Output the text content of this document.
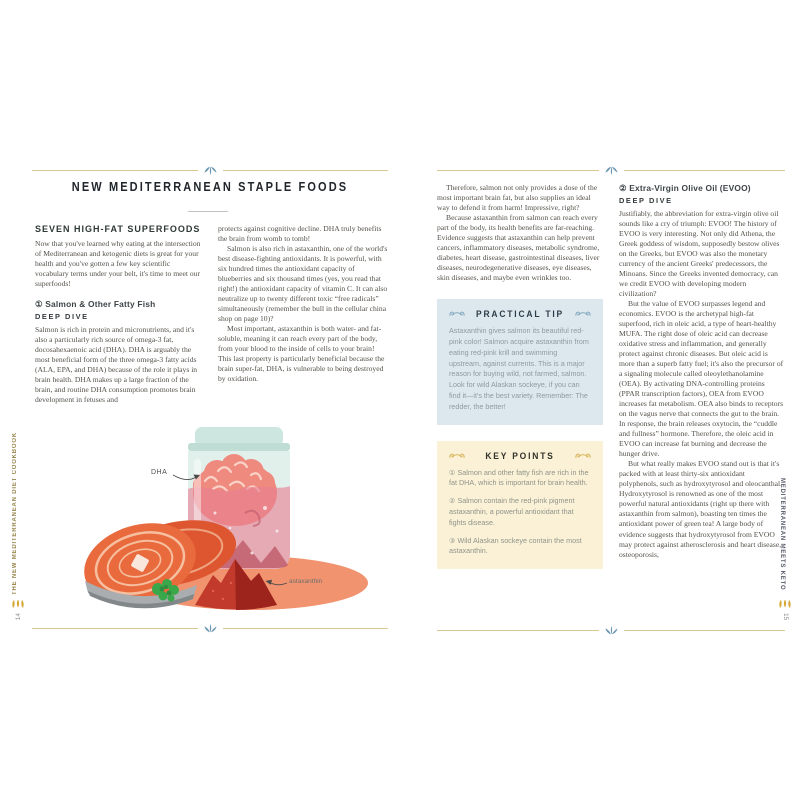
NEW MEDITERRANEAN STAPLE FOODS
SEVEN HIGH-FAT SUPERFOODS

Now that you've learned why eating at the intersection of Mediterranean and ketogenic diets is great for your health and you've gotten a few key scientific vocabulary terms under your belt, it's time to meet our superfoods!

① Salmon & Other Fatty Fish
DEEP DIVE

Salmon is rich in protein and micronutrients, and it's also a particularly rich source of omega-3 fat, docosahexaenoic acid (DHA). DHA is arguably the most beneficial form of the three omega-3 fatty acids (ALA, EPA, and DHA) because of the role it plays in brain health. DHA makes up a large fraction of the brain, and routine DHA consumption promotes brain development in fetuses and

protects against cognitive decline. DHA truly benefits the brain from womb to tomb!

Salmon is also rich in astaxanthin, one of the world's best disease-fighting antioxidants. It is powerful, with six hundred times the antioxidant capacity of blueberries and six thousand times (yes, you read that right!) the antioxidant capacity of vitamin C. It can also neutralize up to twenty different toxic “free radicals” simultaneously (remember the bull in the cellular china shop on page 10)?

Most important, astaxanthin is both water- and fat-soluble, meaning it can reach every part of the body, from your blood to the inside of cells to your brain! This last property is particularly beneficial because the brain super-fat, DHA, is vulnerable to being destroyed by oxidation.

DHA
astaxanthin

Therefore, salmon not only provides a dose of the most important brain fat, but also supplies an ideal way to defend it from harm! Impressive, right?

Because astaxanthin from salmon can reach every part of the body, its health benefits are far-reaching. Evidence suggests that astaxanthin can help prevent cancers, inflammatory diseases, metabolic syndrome, diabetes, heart disease, gastrointestinal diseases, liver diseases, neurodegenerative diseases, eye diseases, skin diseases, and maybe even wrinkles too.

PRACTICAL TIP

Astaxanthin gives salmon its beautiful red-pink color! Salmon acquire astaxanthin from eating red-pink krill and swimming upstream, against currents. This is a major reason for buying wild, not farmed, salmon. Look for wild Alaskan sockeye, if you can find it—it's the best variety. Remember: The redder, the better!

KEY POINTS

① Salmon and other fatty fish are rich in the fat DHA, which is important for brain health.

② Salmon contain the red-pink pigment astaxanthin, a powerful antioxidant that fights disease.

③ Wild Alaskan sockeye contain the most astaxanthin.

② Extra-Virgin Olive Oil (EVOO)
DEEP DIVE

Justifiably, the abbreviation for extra-virgin olive oil sounds like a cry of triumph: EVOO! The history of EVOO is very interesting. Not only did Athena, the Greek goddess of wisdom, supposedly bestow olives on the Greeks, but EVOO was also the monetary currency of the ancient Greeks' predecessors, the Minoans. Since the Greeks invented democracy, can we credit EVOO with developing modern civilization?

But the value of EVOO surpasses legend and economics. EVOO is the archetypal high-fat superfood, rich in oleic acid, a type of heart-healthy MUFA. The right dose of oleic acid can decrease oxidative stress and inflammation, and generally protect against chronic diseases. But oleic acid is more than a superb fatty fuel; it's also the precursor of a signaling molecule called oleoylethanolamine (OEA). By activating DNA-controlling proteins (PPAR transcription factors), OEA from EVOO increases fat metabolism. OEA also binds to receptors on the vagus nerve that connects the gut to the brain. In response, the brain releases oxytocin, the “cuddle and fullness” hormone. Therefore, the oleic acid in EVOO can increase fat burning and decrease the hunger drive.

But what really makes EVOO stand out is that it's packed with at least thirty-six antioxidant polyphenols, such as hydroxytyrosol and oleocanthal. Hydroxytyrosol is renowned as one of the most powerful natural antioxidants (right up there with astaxanthin from salmon), boasting ten times the antioxidant power of green tea! A large body of evidence suggests that hydroxytyrosol from EVOO may protect against atherosclerosis and heart disease, osteoporosis,

THE NEW MEDITERRANEAN DIET COOKBOOK
14
MEDITERRANEAN MEETS KETO
15
